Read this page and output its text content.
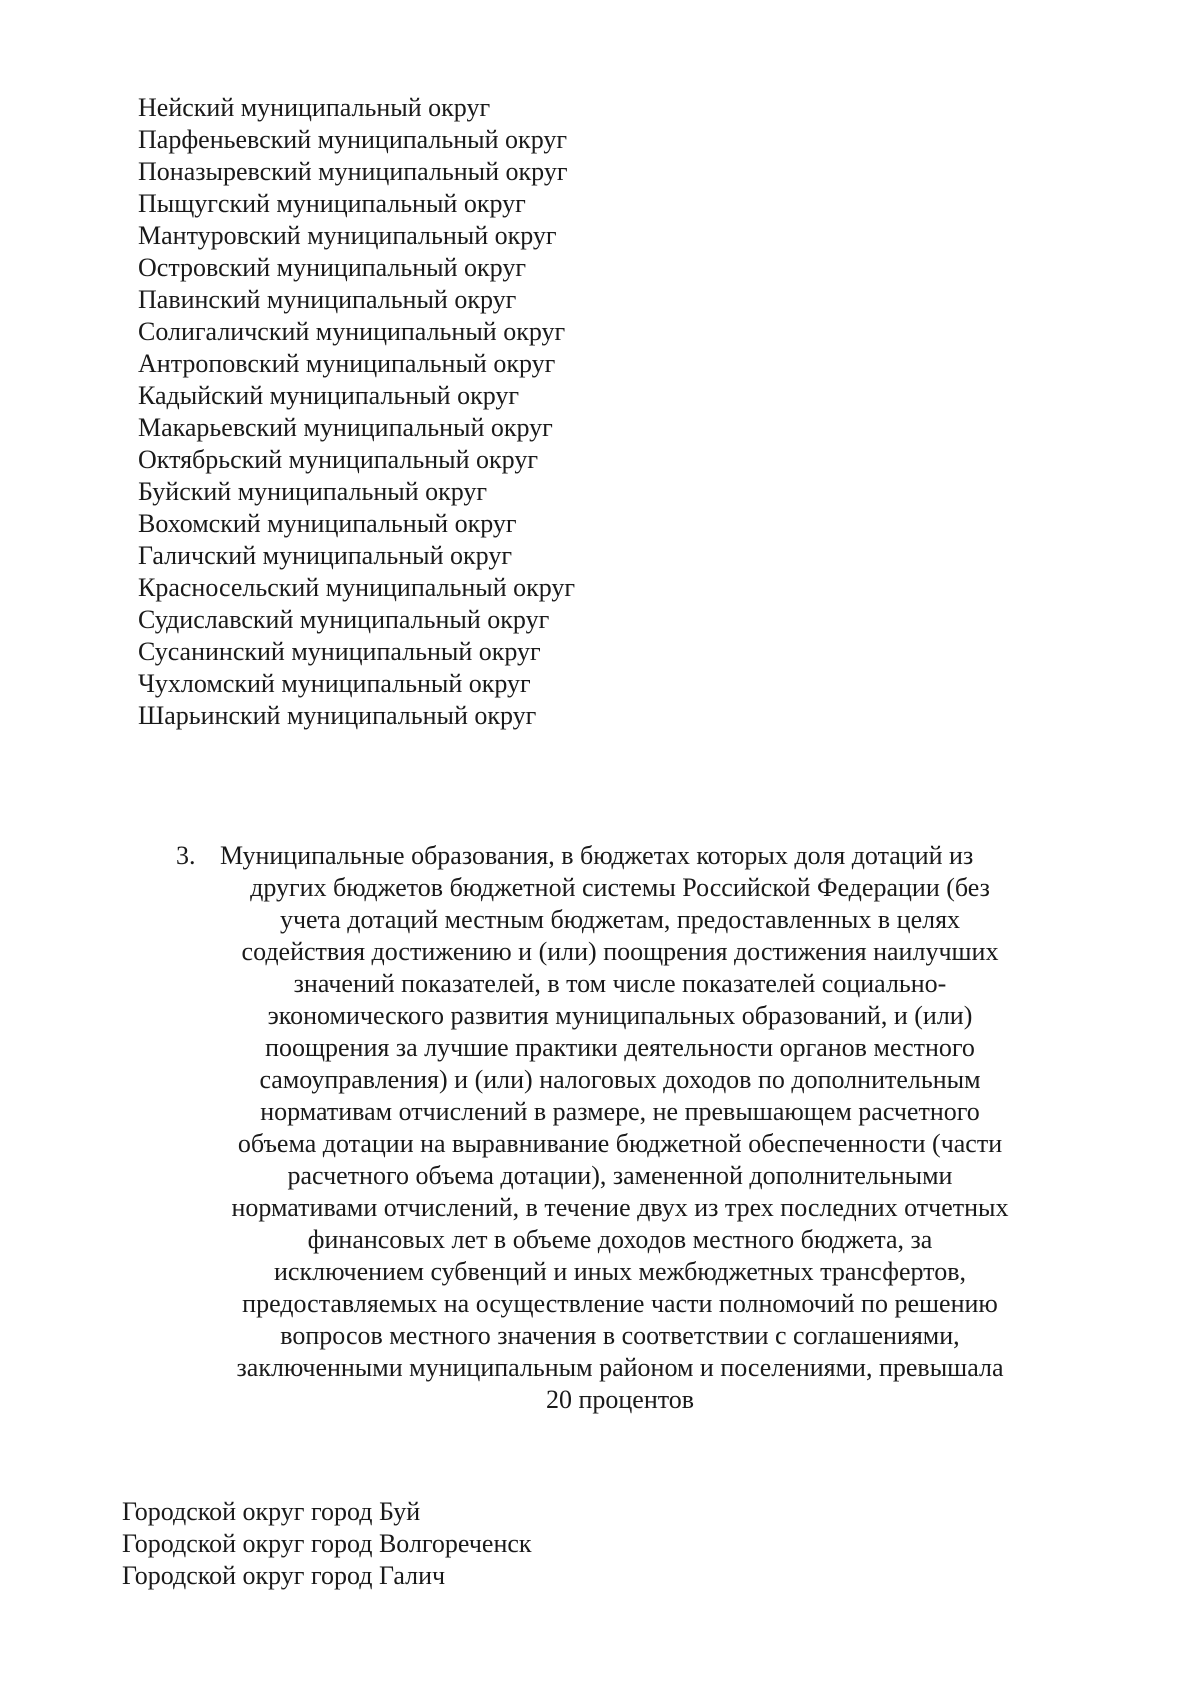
Нейский муниципальный округ
Парфеньевский муниципальный округ
Поназыревский муниципальный округ
Пыщугский муниципальный округ
Мантуровский муниципальный округ
Островский муниципальный округ
Павинский муниципальный округ
Солигаличский муниципальный округ
Антроповский муниципальный округ
Кадыйский муниципальный округ
Макарьевский муниципальный округ
Октябрьский муниципальный округ
Буйский муниципальный округ
Вохомский муниципальный округ
Галичский муниципальный округ
Красносельский муниципальный округ
Судиславский муниципальный округ
Сусанинский муниципальный округ
Чухломский муниципальный округ
Шарьинский муниципальный округ
3. Муниципальные образования, в бюджетах которых доля дотаций из
других бюджетов бюджетной системы Российской Федерации (без
учета дотаций местным бюджетам, предоставленных в целях
содействия достижению и (или) поощрения достижения наилучших
значений показателей, в том числе показателей социально-
экономического развития муниципальных образований, и (или)
поощрения за лучшие практики деятельности органов местного
самоуправления) и (или) налоговых доходов по дополнительным
нормативам отчислений в размере, не превышающем расчетного
объема дотации на выравнивание бюджетной обеспеченности (части
расчетного объема дотации), замененной дополнительными
нормативами отчислений, в течение двух из трех последних отчетных
финансовых лет в объеме доходов местного бюджета, за
исключением субвенций и иных межбюджетных трансфертов,
предоставляемых на осуществление части полномочий по решению
вопросов местного значения в соответствии с соглашениями,
заключенными муниципальным районом и поселениями, превышала
20 процентов
Городской округ город Буй
Городской округ город Волгореченск
Городской округ город Галич
